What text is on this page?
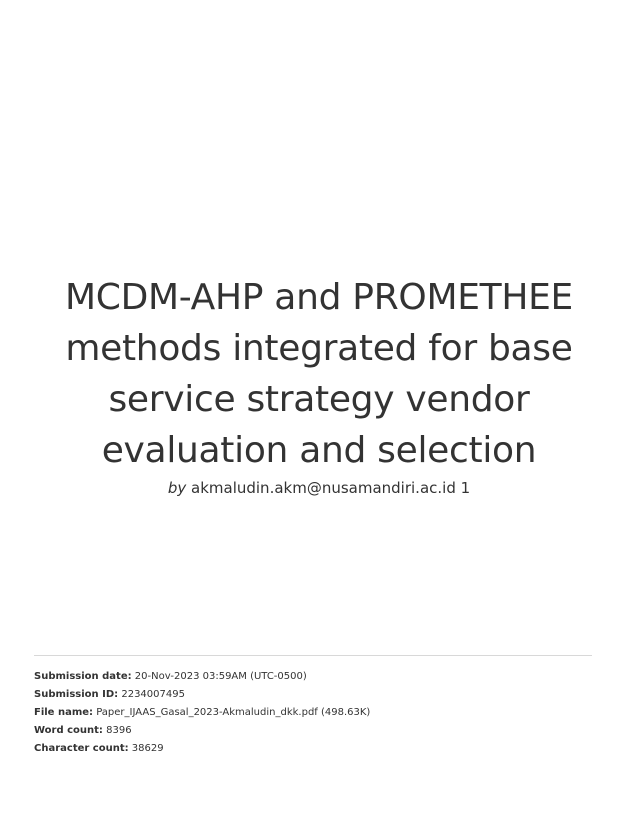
MCDM-AHP and PROMETHEE methods integrated for base service strategy vendor evaluation and selection
by akmaludin.akm@nusamandiri.ac.id 1
Submission date: 20-Nov-2023 03:59AM (UTC-0500)
Submission ID: 2234007495
File name: Paper_IJAAS_Gasal_2023-Akmaludin_dkk.pdf (498.63K)
Word count: 8396
Character count: 38629
